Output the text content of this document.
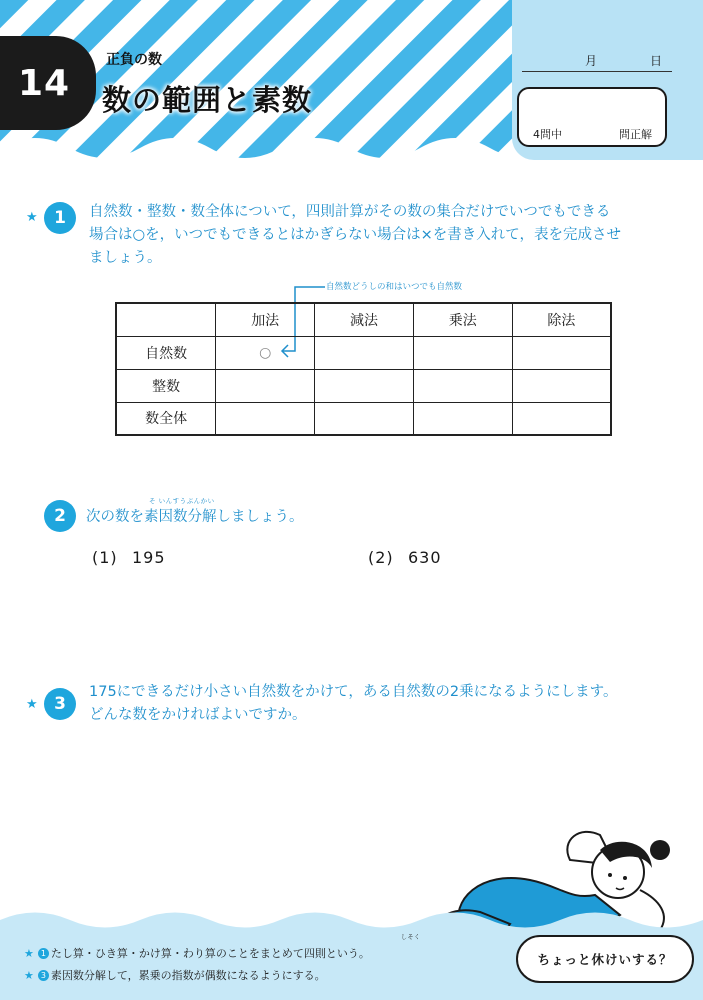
14
正負の数
数の範囲と素数
月	日
4問中	問正解
★ 1	自然数・整数・数全体について，四則計算がその数の集合だけでいつでもできる
場合は○を，いつでもできるとはかぎらない場合は×を書き入れて，表を完成させ
ましょう。
自然数どうしの和はいつでも自然数
	加法	減法	乗法	除法
自然数	○			
整数				
数全体				
2
そ いんすうぶんかい
次の数を素因数分解しましょう。
(1) 195	(2) 630
★ 3
175にできるだけ小さい自然数をかけて，ある自然数の2乗になるようにします。
どんな数をかければよいですか。
しそく
★ 1 たし算・ひき算・かけ算・わり算のことをまとめて四則という。
★ 3 素因数分解して，累乗の指数が偶数になるようにする。
ちょっと休けいする？
